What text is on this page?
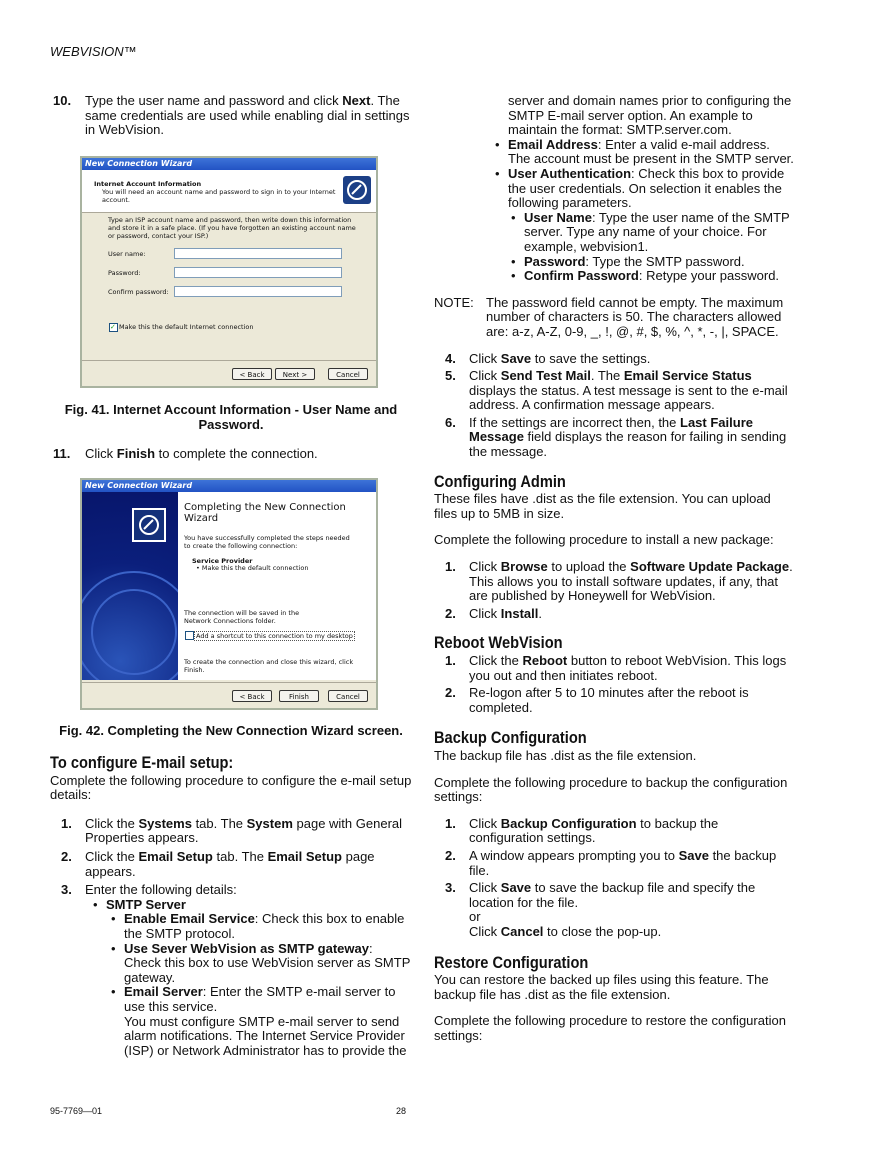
WEBVISION™
10. Type the user name and password and click Next. The same credentials are used while enabling dial in settings in WebVision.
New Connection Wizard
Internet Account Information
You will need an account name and password to sign in to your Internet account.
Type an ISP account name and password, then write down this information and store it in a safe place. (If you have forgotten an existing account name or password, contact your ISP.)
User name:
Password:
Confirm password:
✓ Make this the default Internet connection
< Back	Next >	Cancel
Fig. 41. Internet Account Information - User Name and Password.
11. Click Finish to complete the connection.
New Connection Wizard
Completing the New Connection Wizard
You have successfully completed the steps needed to create the following connection:
Service Provider
• Make this the default connection
The connection will be saved in the Network Connections folder.
Add a shortcut to this connection to my desktop
To create the connection and close this wizard, click Finish.
< Back	Finish	Cancel
Fig. 42. Completing the New Connection Wizard screen.
To configure E-mail setup:

Complete the following procedure to configure the e-mail setup details:

1. Click the Systems tab. The System page with General Properties appears.
2. Click the Email Setup tab. The Email Setup page appears.
3. Enter the following details:
• SMTP Server
• Enable Email Service: Check this box to enable the SMTP protocol.
• Use Sever WebVision as SMTP gateway: Check this box to use WebVision server as SMTP gateway.
• Email Server: Enter the SMTP e-mail server to use this service.
You must configure SMTP e-mail server to send alarm notifications. The Internet Service Provider (ISP) or Network Administrator has to provide the
server and domain names prior to configuring the SMTP E-mail server option. An example to maintain the format: SMTP.server.com.
• Email Address: Enter a valid e-mail address. The account must be present in the SMTP server.
• User Authentication: Check this box to provide the user credentials. On selection it enables the following parameters.
• User Name: Type the user name of the SMTP server. Type any name of your choice. For example, webvision1.
• Password: Type the SMTP password.
• Confirm Password: Retype your password.
NOTE: The password field cannot be empty. The maximum number of characters is 50. The characters allowed are: a-z, A-Z, 0-9, _, !, @, #, $, %, ^, *, -, |, SPACE.
4. Click Save to save the settings.
5. Click Send Test Mail. The Email Service Status displays the status. A test message is sent to the e-mail address. A confirmation message appears.
6. If the settings are incorrect then, the Last Failure Message field displays the reason for failing in sending the message.
Configuring Admin

These files have .dist as the file extension. You can upload files up to 5MB in size.

Complete the following procedure to install a new package:

1. Click Browse to upload the Software Update Package. This allows you to install software updates, if any, that are published by Honeywell for WebVision.
2. Click Install.
Reboot WebVision
1. Click the Reboot button to reboot WebVision. This logs you out and then initiates reboot.
2. Re-logon after 5 to 10 minutes after the reboot is completed.
Backup Configuration

The backup file has .dist as the file extension.

Complete the following procedure to backup the configuration settings:

1. Click Backup Configuration to backup the configuration settings.
2. A window appears prompting you to Save the backup file.
3. Click Save to save the backup file and specify the location for the file.
or
Click Cancel to close the pop-up.
Restore Configuration

You can restore the backed up files using this feature. The backup file has .dist as the file extension.

Complete the following procedure to restore the configuration settings:

95-7769—01	28
